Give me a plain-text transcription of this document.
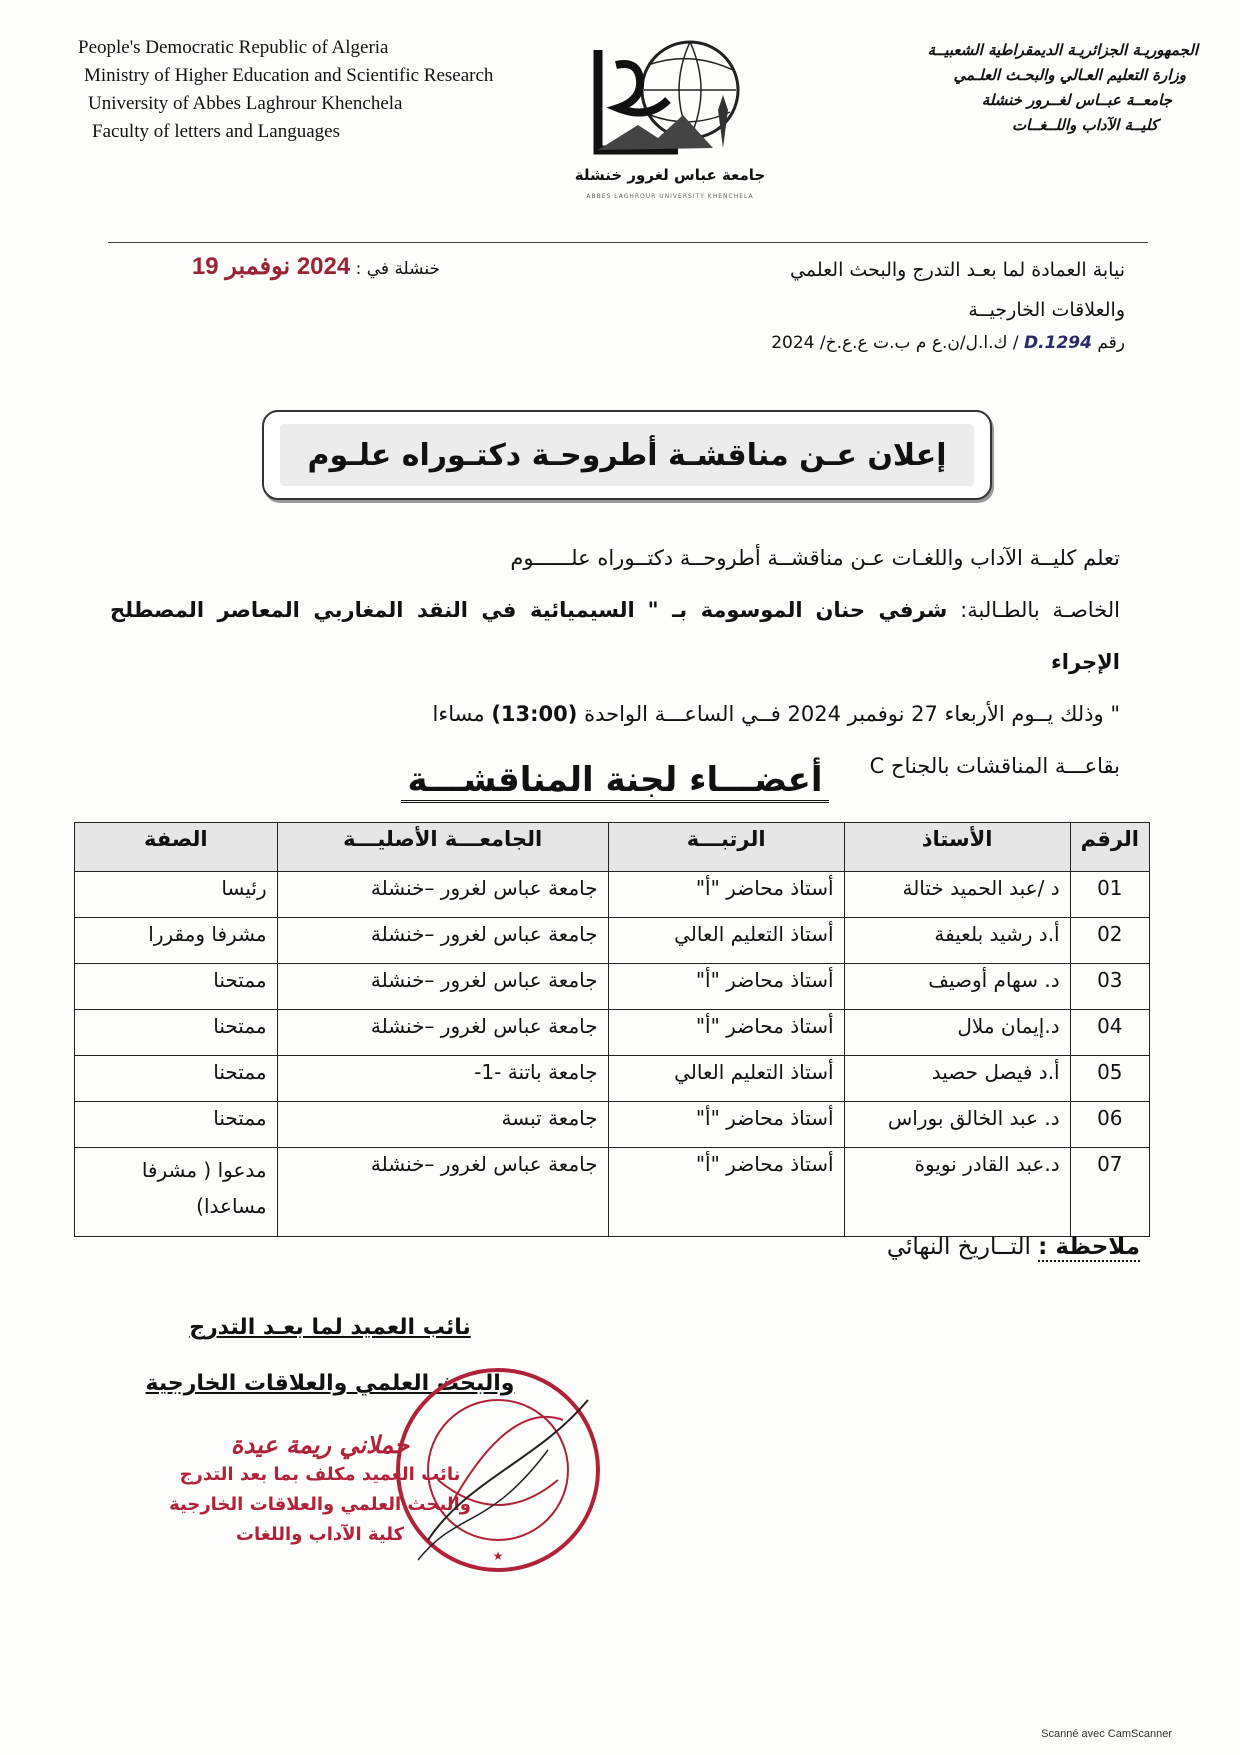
People's Democratic Republic of Algeria
Ministry of Higher Education and Scientific Research
University of Abbes Laghrour Khenchela
Faculty of letters and Languages
الجمهوريـة الجزائريـة الديمقراطية الشعبيــة
وزارة التعليم العـالي والبحـث العلـمي
جامعــة عبــاس لغــرور خنشلة
كليــة الآداب واللــغــات
جامعة عباس لغرور خنشلة
ABBES LAGHROUR UNIVERSITY KHENCHELA
نيابة العمادة لما بعـد التدرج والبحث العلمي
والعلاقات الخارجيــة
رقم D.1294 / ك.ا.ل/ن.ع م ب.ت ع.ع.خ/ 2024
خنشلة في : 2024 نوفمبر 19
إعلان عـن مناقشـة أطروحـة دكتـوراه علـوم
تعلم كليــة الآداب واللغـات عـن مناقشــة أطروحــة دكتــوراه علــــــوم
الخاصـة بالطـالبة: شرفي حنان الموسومة بـ " السيميائية في النقد المغاربي المعاصر المصطلح الإجراء
" وذلك يــوم الأربعاء 27 نوفمبر 2024 فــي الساعـــة الواحدة (13:00) مساءا
بقاعـــة المناقشات بالجناح C
أعضـــاء لجنة المناقشـــة
الرقم	الأستاذ	الرتبـــة	الجامعـــة الأصليـــة	الصفة
01	د /عبد الحميد ختالة	أستاذ محاضر "أ"	جامعة عباس لغرور –خنشلة	رئيسا
02	أ.د رشيد بلعيفة	أستاذ التعليم العالي	جامعة عباس لغرور –خنشلة	مشرفا ومقررا
03	د. سهام أوصيف	أستاذ محاضر "أ"	جامعة عباس لغرور –خنشلة	ممتحنا
04	د.إيمان ملال	أستاذ محاضر "أ"	جامعة عباس لغرور –خنشلة	ممتحنا
05	أ.د فيصل حصيد	أستاذ التعليم العالي	جامعة باتنة -1-	ممتحنا
06	د. عبد الخالق بوراس	أستاذ محاضر "أ"	جامعة تبسة	ممتحنا
07	د.عبد القادر نويوة	أستاذ محاضر "أ"	جامعة عباس لغرور –خنشلة	مدعوا ( مشرفا مساعدا)
ملاحظة : التــاريخ النهائي
نائب العميد لما بعـد التدرج
والبحث العلمي والعلاقات الخارجية
حملاني ريمة عيدة
نائب العميد مكلف بما بعد التدرج
والبحث العلمي والعلاقات الخارجية
كلية الآداب واللغات
★
Scanné avec CamScanner
